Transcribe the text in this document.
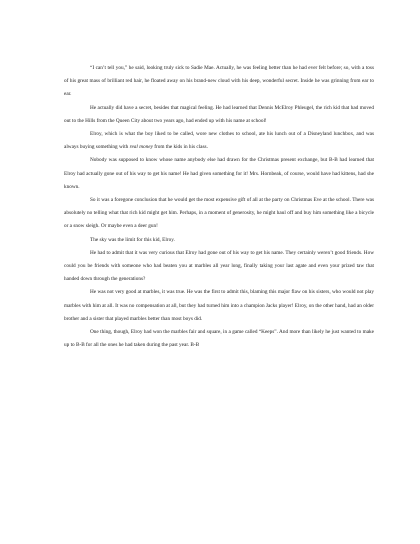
“I can’t tell you,” he said, looking truly sick to Sadie Mae. Actually, he was feeling better than he had ever felt before; so, with a toss of his great mass of brilliant red hair, he floated away on his brand-new cloud with his deep, wonderful secret. Inside he was grinning from ear to ear.

He actually did have a secret, besides that magical feeling. He had learned that Dennis McElroy Phleugel, the rich kid that had moved out to the Hills from the Queen City about two years ago, had ended up with his name at school!

Elroy, which is what the boy liked to be called, wore new clothes to school, ate his lunch out of a Disneyland lunchbox, and was always buying something with real money from the kids in his class.

Nobody was supposed to know whose name anybody else had drawn for the Christmas present exchange, but B-B had learned that Elroy had actually gone out of his way to get his name! He had given something for it! Mrs. Hornbeak, of course, would have had kittens, had she known.

So it was a foregone conclusion that he would get the most expensive gift of all at the party on Christmas Eve at the school. There was absolutely no telling what that rich kid might get him. Perhaps, in a moment of generosity, he might haul off and buy him something like a bicycle or a snow sleigh. Or maybe even a deer gun!

The sky was the limit for this kid, Elroy.

He had to admit that it was very curious that Elroy had gone out of his way to get his name. They certainly weren’t good friends. How could you be friends with someone who had beaten you at marbles all year long, finally taking your last agate and even your prized taw that handed down through the generations?

He was not very good at marbles, it was true. He was the first to admit this, blaming this major flaw on his sisters, who would not play marbles with him at all. It was no compensation at all, but they had turned him into a champion Jacks player! Elroy, on the other hand, had an older brother and a sister that played marbles better than most boys did.

One thing, though, Elroy had won the marbles fair and square, in a game called “Keeps”. And more than likely he just wanted to make up to B-B for all the ones he had taken during the past year. B-B
